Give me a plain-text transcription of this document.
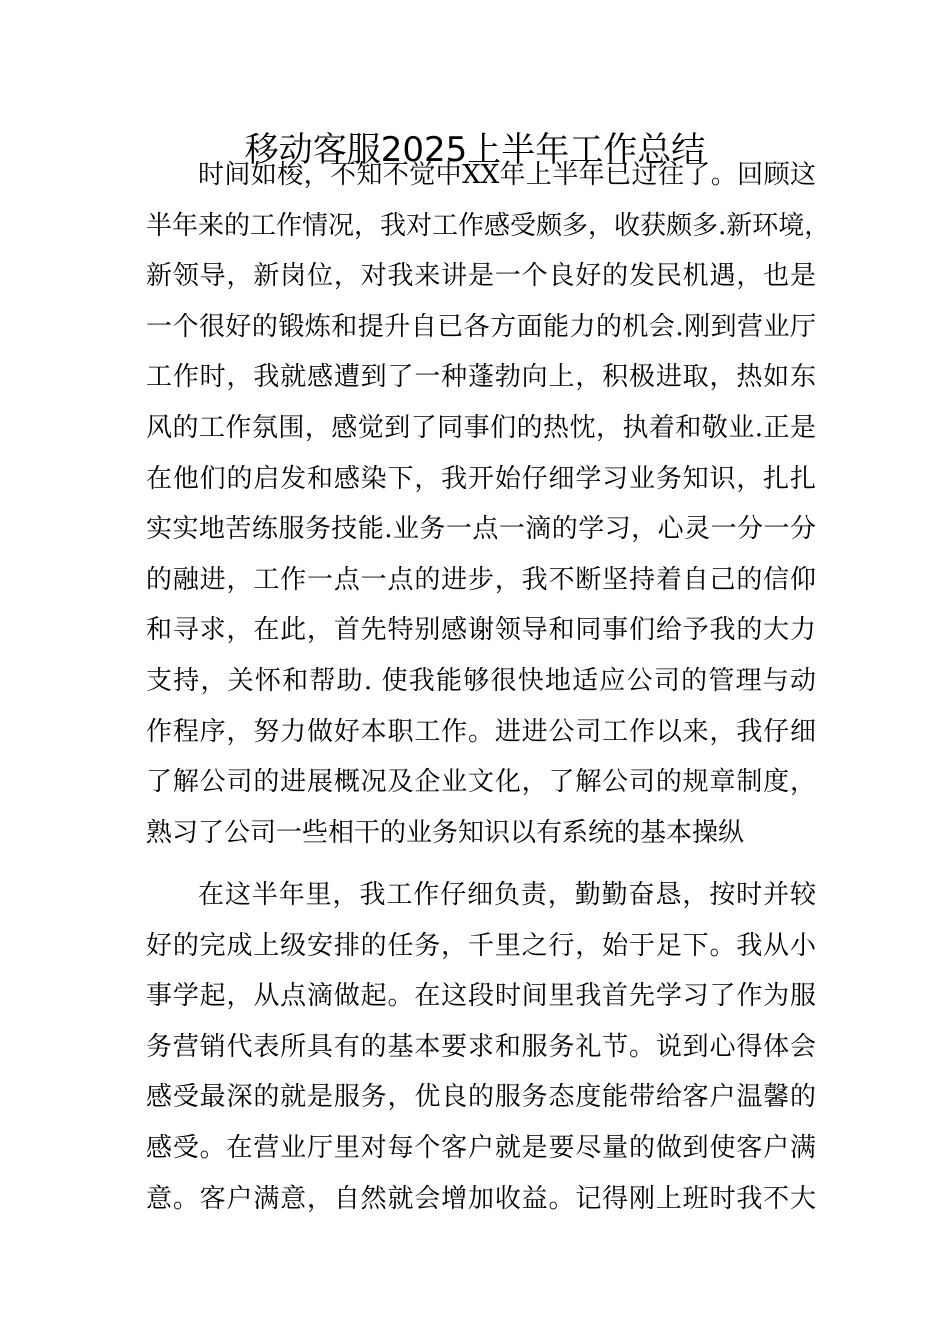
移动客服2025上半年工作总结
时间如梭，不知不觉中XX年上半年已过往了。回顾这
半年来的工作情况，我对工作感受颇多，收获颇多.新环境，
新领导，新岗位，对我来讲是一个良好的发民机遇，也是
一个很好的锻炼和提升自已各方面能力的机会.刚到营业厅
工作时，我就感遭到了一种蓬勃向上，积极进取，热如东
风的工作氛围，感觉到了同事们的热忱，执着和敬业.正是
在他们的启发和感染下，我开始仔细学习业务知识，扎扎
实实地苦练服务技能.业务一点一滴的学习，心灵一分一分
的融进，工作一点一点的进步，我不断坚持着自己的信仰
和寻求，在此，首先特别感谢领导和同事们给予我的大力
支持，关怀和帮助. 使我能够很快地适应公司的管理与动
作程序，努力做好本职工作。进进公司工作以来，我仔细
了解公司的进展概况及企业文化，了解公司的规章制度，
熟习了公司一些相干的业务知识以有系统的基本操纵
在这半年里，我工作仔细负责，勤勤奋恳，按时并较
好的完成上级安排的任务，千里之行，始于足下。我从小
事学起，从点滴做起。在这段时间里我首先学习了作为服
务营销代表所具有的基本要求和服务礼节。说到心得体会
感受最深的就是服务，优良的服务态度能带给客户温馨的
感受。在营业厅里对每个客户就是要尽量的做到使客户满
意。客户满意，自然就会增加收益。记得刚上班时我不大
